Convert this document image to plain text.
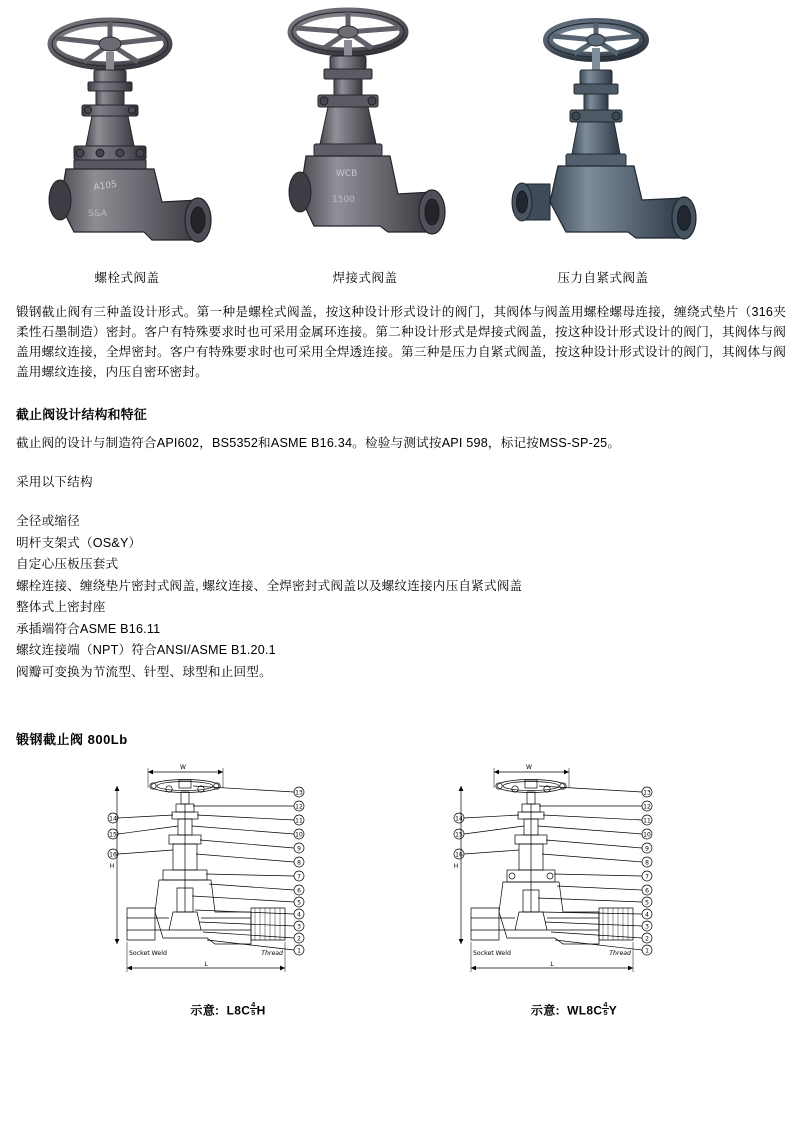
A105
S&A
WCB
1500
螺栓式阀盖	焊接式阀盖	压力自紧式阀盖

锻钢截止阀有三种盖设计形式。第一种是螺栓式阀盖，按这种设计形式设计的阀门，其阀体与阀盖用螺栓螺母连接，缠绕式垫片（316夹柔性石墨制造）密封。客户有特殊要求时也可采用金属环连接。第二种设计形式是焊接式阀盖，按这种设计形式设计的阀门，其阀体与阀盖用螺纹连接，全焊密封。客户有特殊要求时也可采用全焊透连接。第三种是压力自紧式阀盖，按这种设计形式设计的阀门，其阀体与阀盖用螺纹连接，内压自密环密封。

截止阀设计结构和特征

截止阀的设计与制造符合API602，BS5352和ASME B16.34。检验与测试按API 598，标记按MSS-SP-25。

采用以下结构

全径或缩径

明杆支架式（OS&Y）

自定心压板压套式

螺栓连接、缠绕垫片密封式阀盖, 螺纹连接、全焊密封式阀盖以及螺纹连接内压自紧式阀盖

整体式上密封座

承插端符合ASME B16.11

螺纹连接端（NPT）符合ANSI/ASME B1.20.1

阀瓣可变换为节流型、针型、球型和止回型。

锻钢截止阀 800Lb
W
H
L
Socket Weld	Thread
13
12
11
10
9
8
7
6
5
4
3
2
1
14
15
16
示意: $L8C \frac{4}{5}$ H
W
H
L
Socket Weld	Thread
13
12
11
10
9
8
7
6
5
4
3
2
1
14
15
16
示意: $WL8C \frac{4}{5}$ Y
